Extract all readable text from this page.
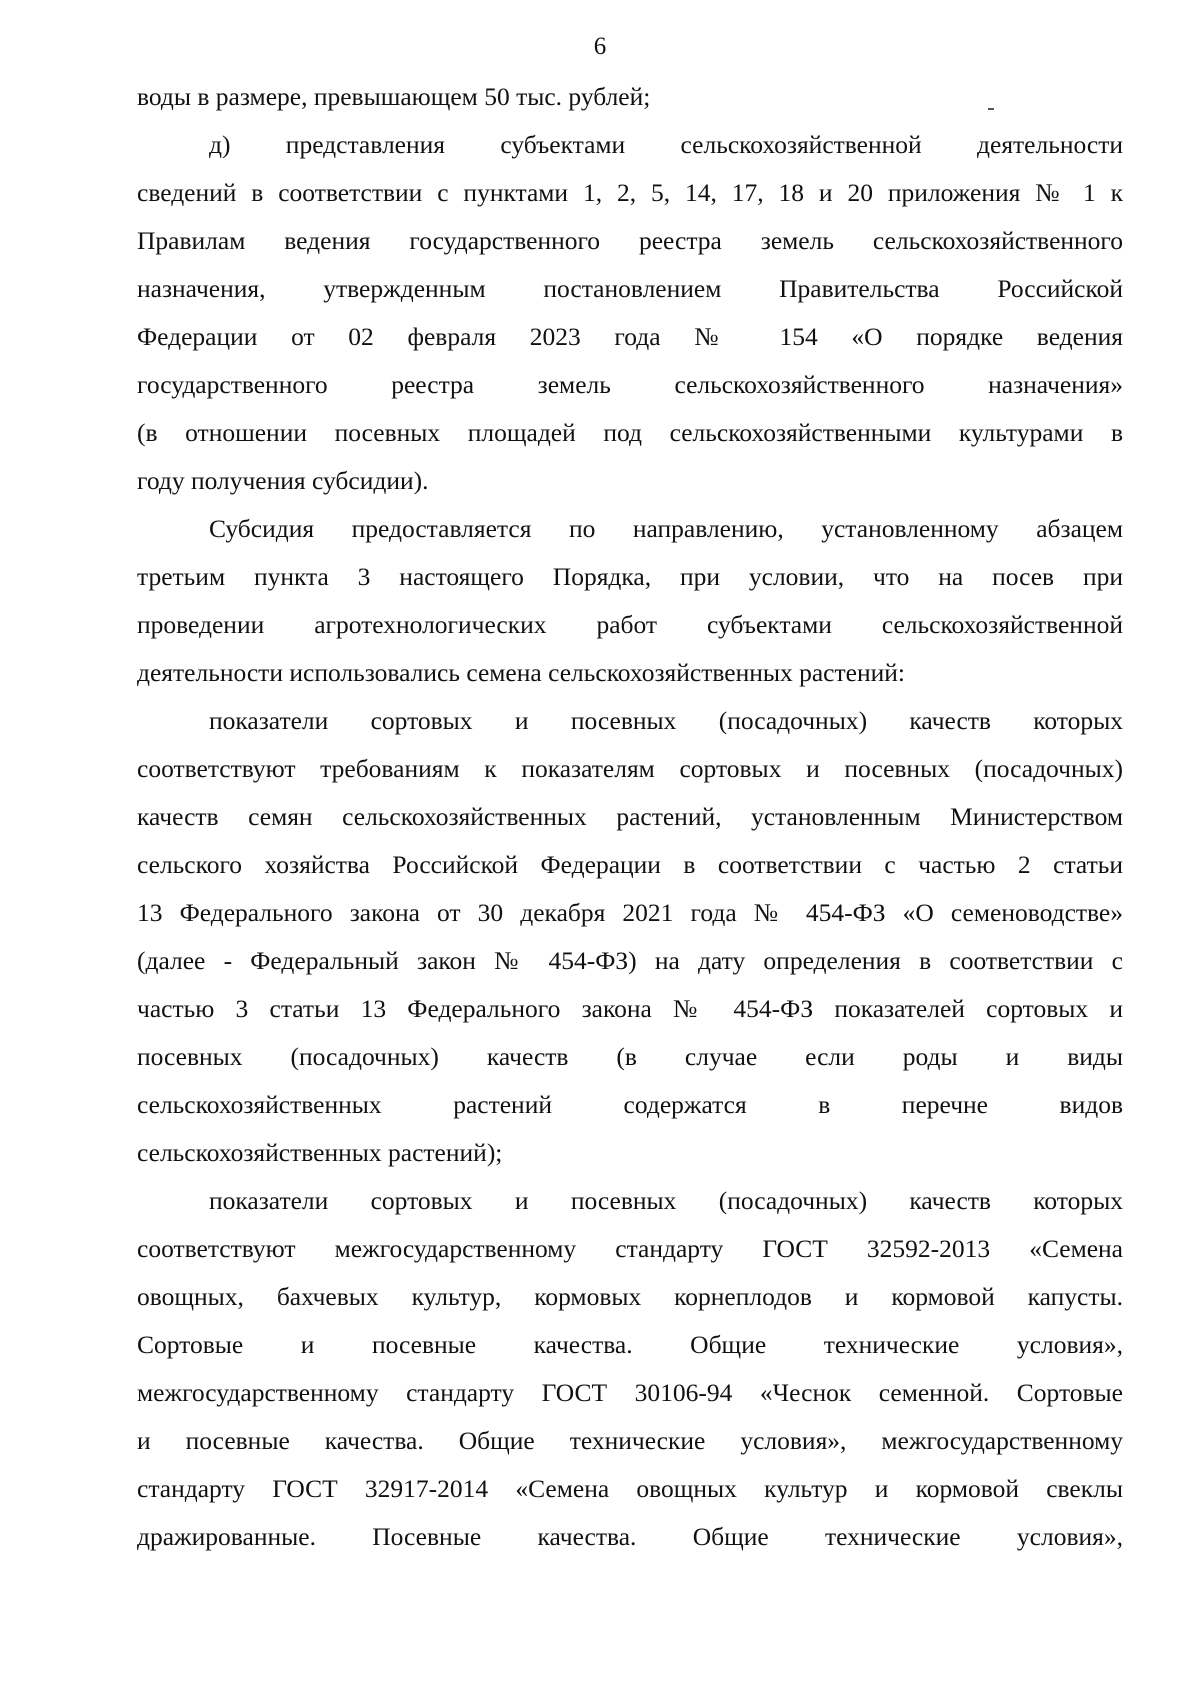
6
воды в размере, превышающем 50 тыс. рублей;
д) представления субъектами сельскохозяйственной деятельности
сведений в соответствии с пунктами 1, 2, 5, 14, 17, 18 и 20 приложения № 1 к
Правилам ведения государственного реестра земель сельскохозяйственного
назначения, утвержденным постановлением Правительства Российской
Федерации от 02 февраля 2023 года № 154 «О порядке ведения
государственного реестра земель сельскохозяйственного назначения»
(в отношении посевных площадей под сельскохозяйственными культурами в
году получения субсидии).
Субсидия предоставляется по направлению, установленному абзацем
третьим пункта 3 настоящего Порядка, при условии, что на посев при
проведении агротехнологических работ субъектами сельскохозяйственной
деятельности использовались семена сельскохозяйственных растений:
показатели сортовых и посевных (посадочных) качеств которых
соответствуют требованиям к показателям сортовых и посевных (посадочных)
качеств семян сельскохозяйственных растений, установленным Министерством
сельского хозяйства Российской Федерации в соответствии с частью 2 статьи
13 Федерального закона от 30 декабря 2021 года № 454-ФЗ «О семеноводстве»
(далее - Федеральный закон № 454-ФЗ) на дату определения в соответствии с
частью 3 статьи 13 Федерального закона № 454-ФЗ показателей сортовых и
посевных (посадочных) качеств (в случае если роды и виды
сельскохозяйственных растений содержатся в перечне видов
сельскохозяйственных растений);
показатели сортовых и посевных (посадочных) качеств которых
соответствуют межгосударственному стандарту ГОСТ 32592-2013 «Семена
овощных, бахчевых культур, кормовых корнеплодов и кормовой капусты.
Сортовые и посевные качества. Общие технические условия»,
межгосударственному стандарту ГОСТ 30106-94 «Чеснок семенной. Сортовые
и посевные качества. Общие технические условия», межгосударственному
стандарту ГОСТ 32917-2014 «Семена овощных культур и кормовой свеклы
дражированные. Посевные качества. Общие технические условия»,
